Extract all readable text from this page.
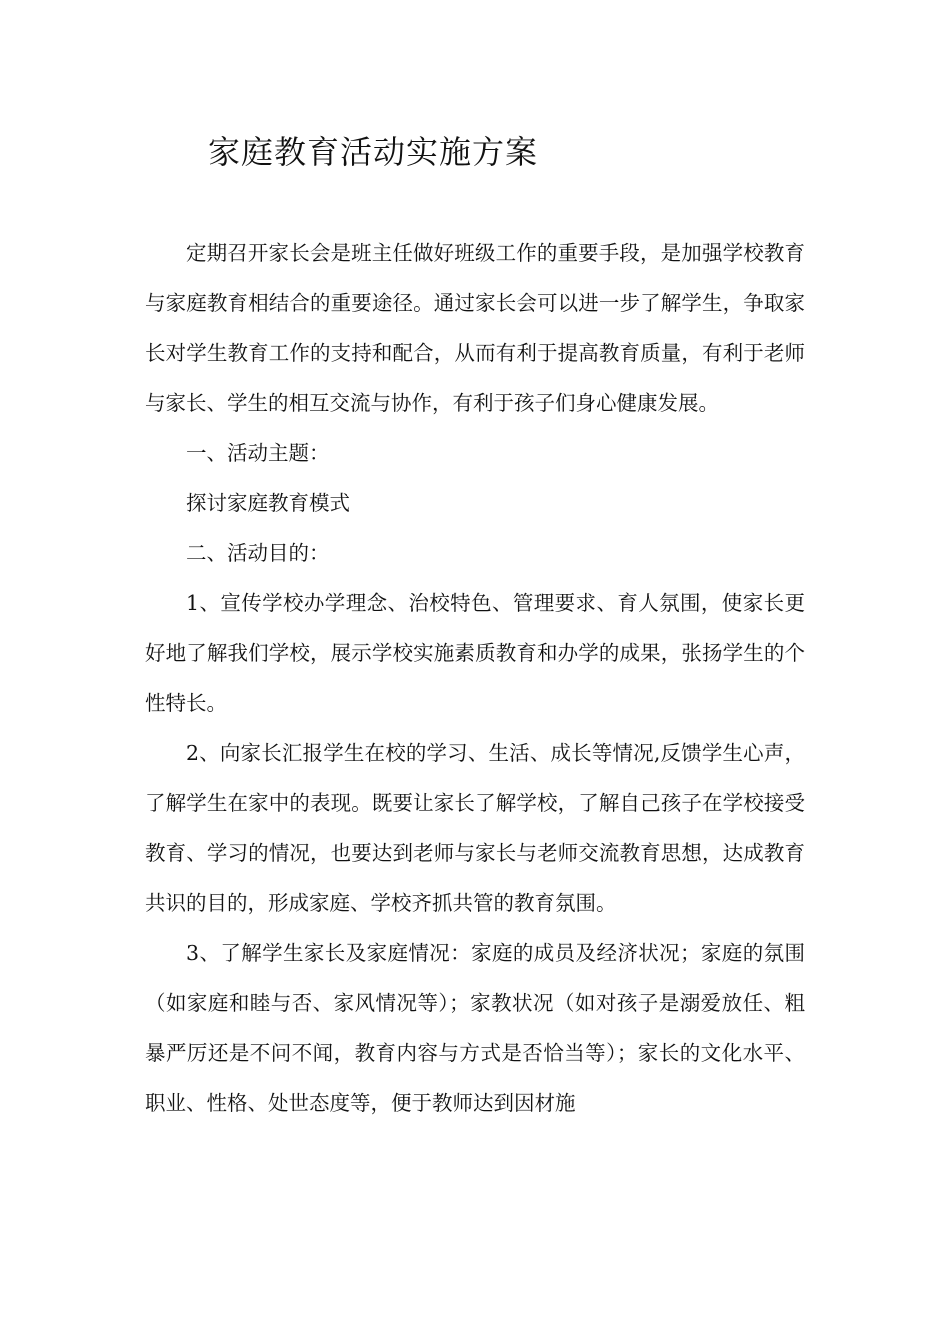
家庭教育活动实施方案

定期召开家长会是班主任做好班级工作的重要手段，是加强学校教育与家庭教育相结合的重要途径。通过家长会可以进一步了解学生，争取家长对学生教育工作的支持和配合，从而有利于提高教育质量，有利于老师与家长、学生的相互交流与协作，有利于孩子们身心健康发展。

一、活动主题：

探讨家庭教育模式

二、活动目的：

1、宣传学校办学理念、治校特色、管理要求、育人氛围，使家长更好地了解我们学校，展示学校实施素质教育和办学的成果，张扬学生的个性特长。

2、向家长汇报学生在校的学习、生活、成长等情况,反馈学生心声，了解学生在家中的表现。既要让家长了解学校，了解自己孩子在学校接受教育、学习的情况，也要达到老师与家长与老师交流教育思想，达成教育共识的目的，形成家庭、学校齐抓共管的教育氛围。

3、了解学生家长及家庭情况：家庭的成员及经济状况；家庭的氛围（如家庭和睦与否、家风情况等）；家教状况（如对孩子是溺爱放任、粗暴严厉还是不问不闻，教育内容与方式是否恰当等）；家长的文化水平、职业、性格、处世态度等，便于教师达到因材施
